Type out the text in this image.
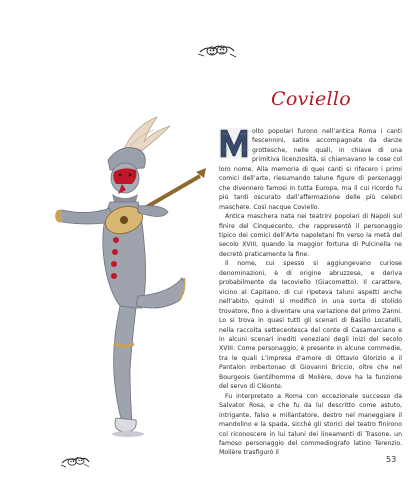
Coviello

olto popolari furono nell’antica Roma i canti fescennini, satire accompagnate da danze grottesche, nelle quali, in chiave di una primitiva licenziosità, si chiamavano le cose col loro nome. Alla memoria di quei canti si rifecero i primi comici dell’arte, riesumando talune figure di personaggi che divennero famosi in tutta Europa, ma il cui ricordo fu più tardi oscurato dall’affermazione delle più celebri maschere. Così nacque Coviello.

Antica maschera nata nei teatrini popolari di Napoli sul finire del Cinquecento, che rappresentò il personaggio tipico dei comici dell’Arte napoletani fin verso la metà del secolo XVIII, quando la maggior fortuna di Pulcinella ne decretò praticamente la fine.

Il nome, cui spesso si aggiungevano curiose denominazioni, è di origine abruzzese, e deriva probabilmente da Iacoviello (Giacometto). Il carattere, vicino al Capitano, di cui ripeteva taluni aspetti anche nell’abito, quindi si modificò in una sorta di stolido trovatore, fino a diventare una variazione del primo Zanni. Lo si trova in quasi tutti gli scenari di Basilio Locatelli, nella raccolta settecentesca del conte di Casamarciano e in alcuni scenari inediti veneziani degli inizi del secolo XVIII. Come personaggio, è presente in alcune commedie, tra le quali L’impresa d’amore di Ottavio Glorizio e il Pantalon imbertonao di Giovanni Briccio, oltre che nel Bourgeois Gentilhomme di Molière, dove ha la funzione del servo di Cléonte.

Fu interpretato a Roma con eccezionale successo da Salvator Rosa, e che fu da lui descritto come astuto, intrigante, falso e millantatore, destro nel maneggiare il mandolino e la spada, sicché gli storici del teatro finirono col riconoscere in lui taluni dei lineamenti di Trasone, un famoso personaggio del commediografo latino Terenzio. Molière trasfigurò il

53
